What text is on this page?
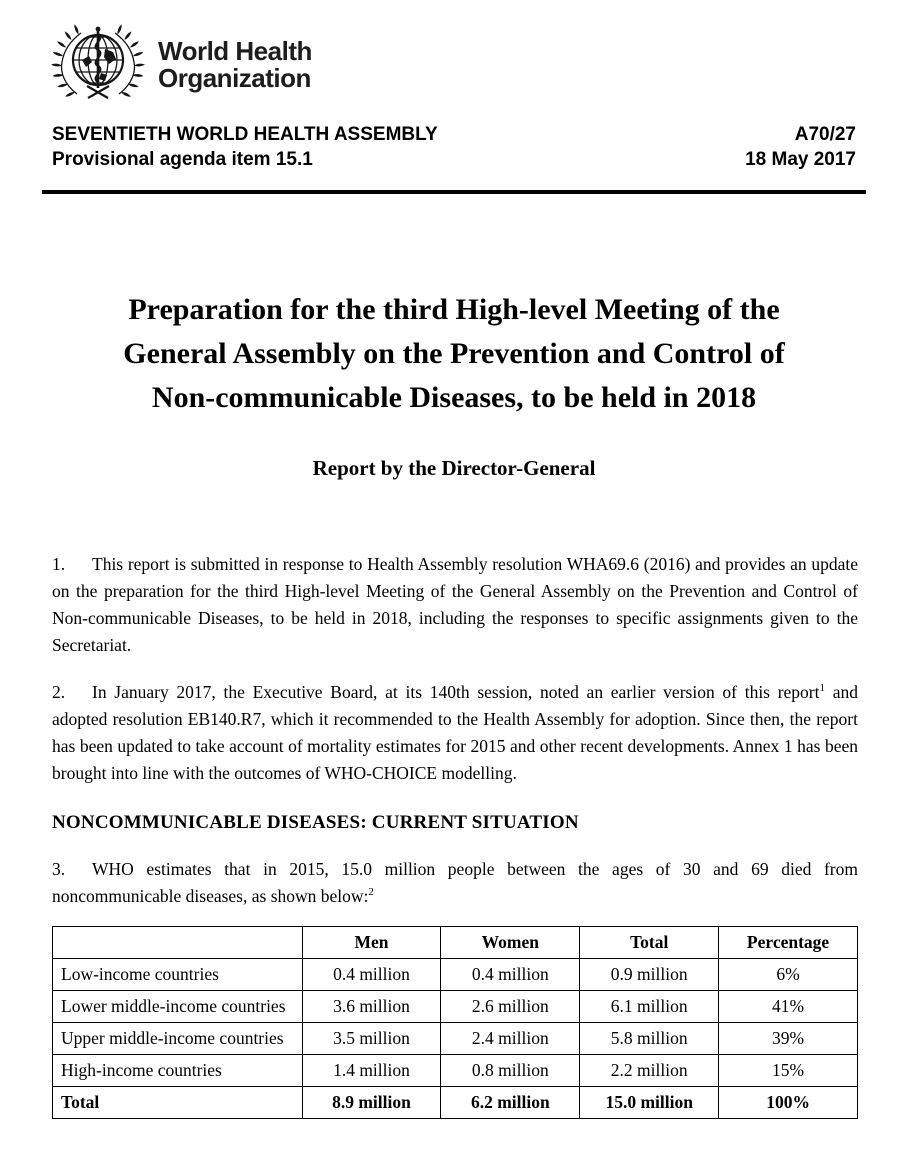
World Health
Organization
SEVENTIETH WORLD HEALTH ASSEMBLY
Provisional agenda item 15.1
A70/27
18 May 2017
Preparation for the third High-level Meeting of the
General Assembly on the Prevention and Control of
Non-communicable Diseases, to be held in 2018
Report by the Director-General

1. This report is submitted in response to Health Assembly resolution WHA69.6 (2016) and provides an update on the preparation for the third High-level Meeting of the General Assembly on the Prevention and Control of Non-communicable Diseases, to be held in 2018, including the responses to specific assignments given to the Secretariat.

2. In January 2017, the Executive Board, at its 140th session, noted an earlier version of this report$^1$ and adopted resolution EB140.R7, which it recommended to the Health Assembly for adoption. Since then, the report has been updated to take account of mortality estimates for 2015 and other recent developments. Annex 1 has been brought into line with the outcomes of WHO-CHOICE modelling.

NONCOMMUNICABLE DISEASES: CURRENT SITUATION

3. WHO estimates that in 2015, 15.0 million people between the ages of 30 and 69 died from noncommunicable diseases, as shown below:$^2$

	Men	Women	Total	Percentage
Low-income countries	0.4 million	0.4 million	0.9 million	6%
Lower middle-income countries	3.6 million	2.6 million	6.1 million	41%
Upper middle-income countries	3.5 million	2.4 million	5.8 million	39%
High-income countries	1.4 million	0.8 million	2.2 million	15%
Total	8.9 million	6.2 million	15.0 million	100%
